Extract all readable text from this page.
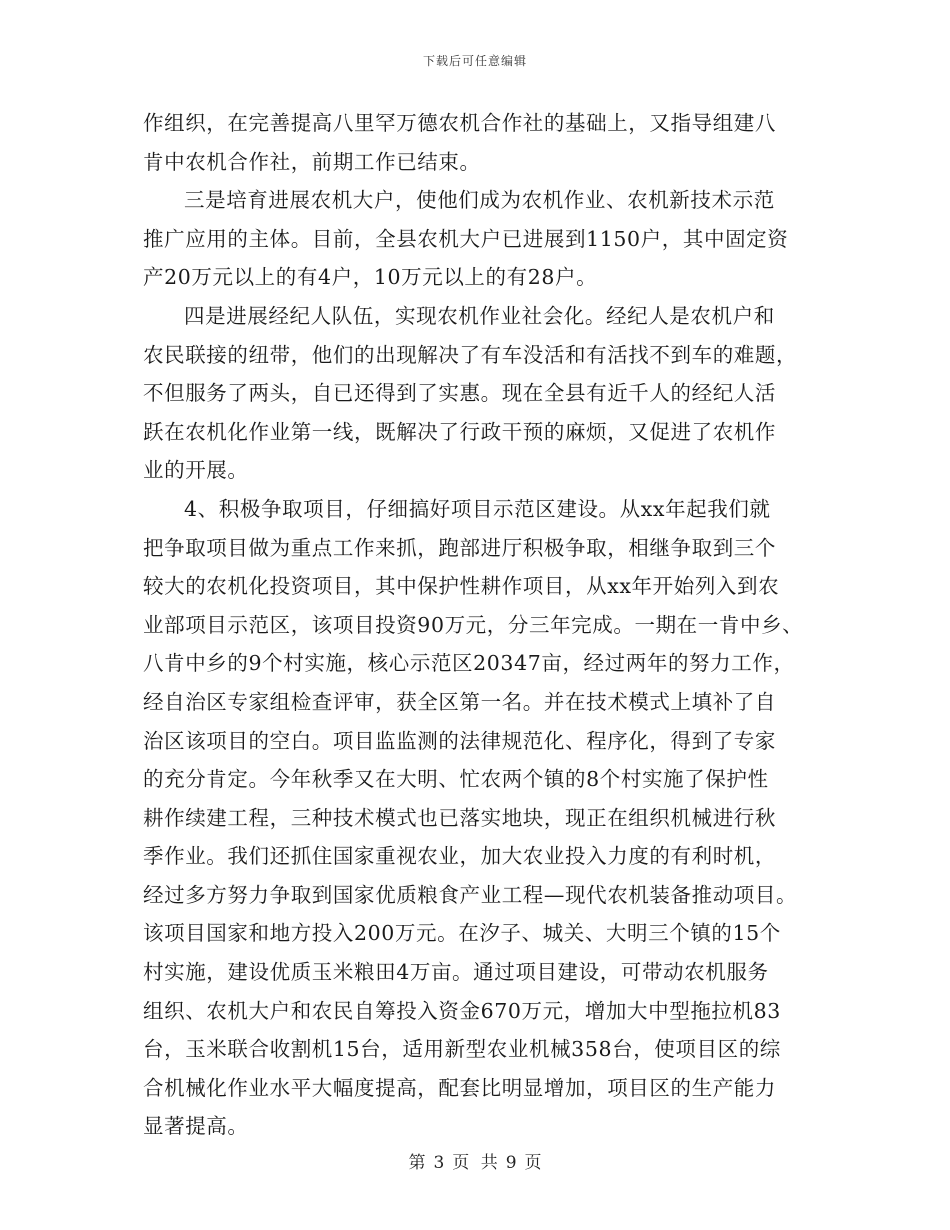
下载后可任意编辑
作组织，在完善提高八里罕万德农机合作社的基础上，又指导组建八
肯中农机合作社，前期工作已结束。
三是培育进展农机大户，使他们成为农机作业、农机新技术示范
推广应用的主体。目前，全县农机大户已进展到1150户，其中固定资
产20万元以上的有4户，10万元以上的有28户。
四是进展经纪人队伍，实现农机作业社会化。经纪人是农机户和
农民联接的纽带，他们的出现解决了有车没活和有活找不到车的难题，
不但服务了两头，自已还得到了实惠。现在全县有近千人的经纪人活
跃在农机化作业第一线，既解决了行政干预的麻烦，又促进了农机作
业的开展。
4、积极争取项目，仔细搞好项目示范区建设。从xx年起我们就
把争取项目做为重点工作来抓，跑部进厅积极争取，相继争取到三个
较大的农机化投资项目，其中保护性耕作项目，从xx年开始列入到农
业部项目示范区，该项目投资90万元，分三年完成。一期在一肯中乡、
八肯中乡的9个村实施，核心示范区20347亩，经过两年的努力工作，
经自治区专家组检查评审，获全区第一名。并在技术模式上填补了自
治区该项目的空白。项目监监测的法律规范化、程序化，得到了专家
的充分肯定。今年秋季又在大明、忙农两个镇的8个村实施了保护性
耕作续建工程，三种技术模式也已落实地块，现正在组织机械进行秋
季作业。我们还抓住国家重视农业，加大农业投入力度的有利时机，
经过多方努力争取到国家优质粮食产业工程—现代农机装备推动项目。
该项目国家和地方投入200万元。在汐子、城关、大明三个镇的15个
村实施，建设优质玉米粮田4万亩。通过项目建设，可带动农机服务
组织、农机大户和农民自筹投入资金670万元，增加大中型拖拉机83
台，玉米联合收割机15台，适用新型农业机械358台，使项目区的综
合机械化作业水平大幅度提高，配套比明显增加，项目区的生产能力
显著提高。
第 3 页 共 9 页
